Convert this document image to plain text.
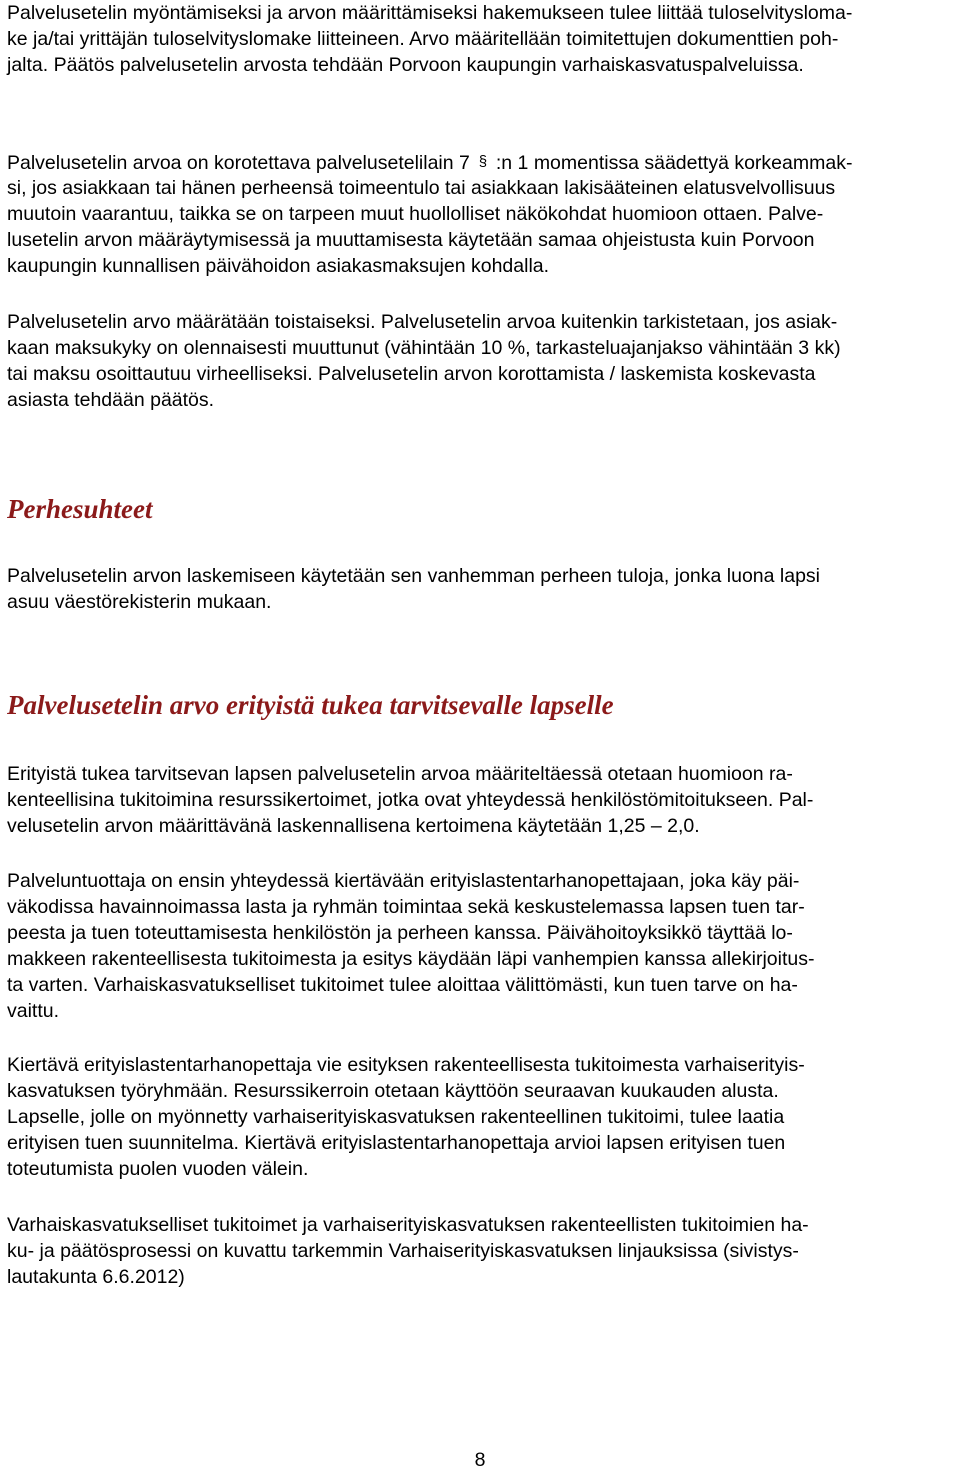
Palvelusetelin myöntämiseksi ja arvon määrittämiseksi hakemukseen tulee liittää tuloselvitysloma-

ke ja/tai yrittäjän tuloselvityslomake liitteineen. Arvo määritellään toimitettujen dokumenttien poh-

jalta. Päätös palvelusetelin arvosta tehdään Porvoon kaupungin varhaiskasvatuspalveluissa.

Palvelusetelin arvoa on korotettava palvelusetelilain 7 § :n 1 momentissa säädettyä korkeammak-

si, jos asiakkaan tai hänen perheensä toimeentulo tai asiakkaan lakisääteinen elatusvelvollisuus

muutoin vaarantuu, taikka se on tarpeen muut huollolliset näkökohdat huomioon ottaen. Palve-

lusetelin arvon määräytymisessä ja muuttamisesta käytetään samaa ohjeistusta kuin Porvoon

kaupungin kunnallisen päivähoidon asiakasmaksujen kohdalla.

Palvelusetelin arvo määrätään toistaiseksi. Palvelusetelin arvoa kuitenkin tarkistetaan, jos asiak-

kaan maksukyky on olennaisesti muuttunut (vähintään 10 %, tarkasteluajanjakso vähintään 3 kk)

tai maksu osoittautuu virheelliseksi. Palvelusetelin arvon korottamista / laskemista koskevasta

asiasta tehdään päätös.

Perhesuhteet

Palvelusetelin arvon laskemiseen käytetään sen vanhemman perheen tuloja, jonka luona lapsi

asuu väestörekisterin mukaan.

Palvelusetelin arvo erityistä tukea tarvitsevalle lapselle

Erityistä tukea tarvitsevan lapsen palvelusetelin arvoa määriteltäessä otetaan huomioon ra-

kenteellisina tukitoimina resurssikertoimet, jotka ovat yhteydessä henkilöstömitoitukseen. Pal-

velusetelin arvon määrittävänä laskennallisena kertoimena käytetään 1,25 – 2,0.

Palveluntuottaja on ensin yhteydessä kiertävään erityislastentarhanopettajaan, joka käy päi-

väkodissa havainnoimassa lasta ja ryhmän toimintaa sekä keskustelemassa lapsen tuen tar-

peesta ja tuen toteuttamisesta henkilöstön ja perheen kanssa. Päivähoitoyksikkö täyttää lo-

makkeen rakenteellisesta tukitoimesta ja esitys käydään läpi vanhempien kanssa allekirjoitus-

ta varten. Varhaiskasvatukselliset tukitoimet tulee aloittaa välittömästi, kun tuen tarve on ha-

vaittu.

Kiertävä erityislastentarhanopettaja vie esityksen rakenteellisesta tukitoimesta varhaiserityis-

kasvatuksen työryhmään. Resurssikerroin otetaan käyttöön seuraavan kuukauden alusta.

Lapselle, jolle on myönnetty varhaiserityiskasvatuksen rakenteellinen tukitoimi, tulee laatia

erityisen tuen suunnitelma. Kiertävä erityislastentarhanopettaja arvioi lapsen erityisen tuen

toteutumista puolen vuoden välein.

Varhaiskasvatukselliset tukitoimet ja varhaiserityiskasvatuksen rakenteellisten tukitoimien ha-

ku- ja päätösprosessi on kuvattu tarkemmin Varhaiserityiskasvatuksen linjauksissa (sivistys-

lautakunta 6.6.2012)

8
